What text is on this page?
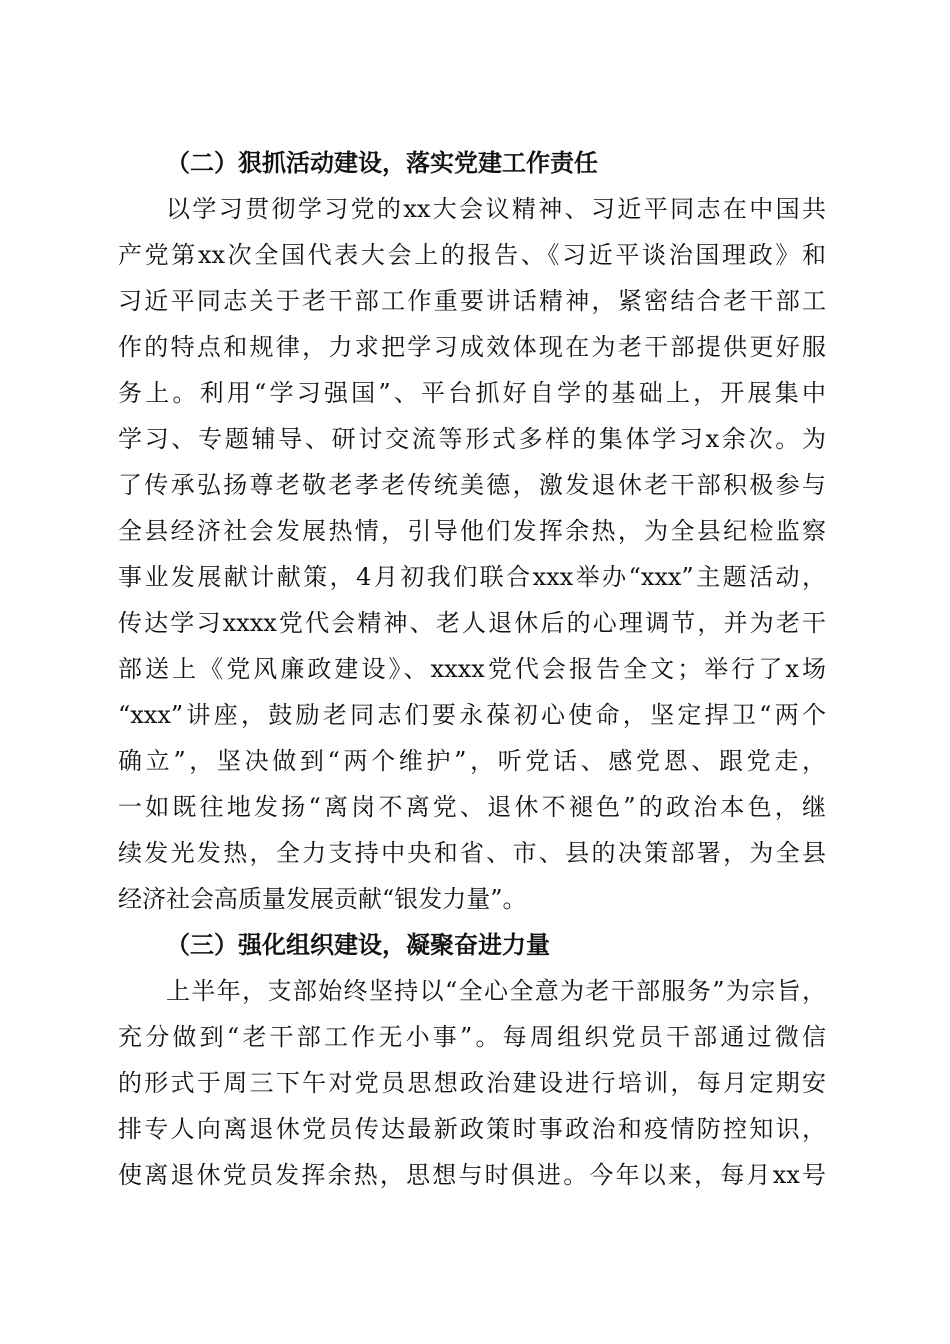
（二）狠抓活动建设，落实党建工作责任

以学习贯彻学习党的xx大会议精神、习近平同志在中国共
产党第xx次全国代表大会上的报告、《习近平谈治国理政》和
习近平同志关于老干部工作重要讲话精神，紧密结合老干部工
作的特点和规律，力求把学习成效体现在为老干部提供更好服
务上。利用“学习强国”、平台抓好自学的基础上，开展集中
学习、专题辅导、研讨交流等形式多样的集体学习x余次。为
了传承弘扬尊老敬老孝老传统美德，激发退休老干部积极参与
全县经济社会发展热情，引导他们发挥余热，为全县纪检监察
事业发展献计献策，4月初我们联合xxx举办“xxx”主题活动，
传达学习xxxx党代会精神、老人退休后的心理调节，并为老干
部送上《党风廉政建设》、xxxx党代会报告全文；举行了x场
“xxx”讲座，鼓励老同志们要永葆初心使命，坚定捍卫“两个
确立”，坚决做到“两个维护”，听党话、感党恩、跟党走，
一如既往地发扬“离岗不离党、退休不褪色”的政治本色，继
续发光发热，全力支持中央和省、市、县的决策部署，为全县
经济社会高质量发展贡献“银发力量”。

（三）强化组织建设，凝聚奋进力量

上半年，支部始终坚持以“全心全意为老干部服务”为宗旨，
充分做到“老干部工作无小事”。每周组织党员干部通过微信
的形式于周三下午对党员思想政治建设进行培训，每月定期安
排专人向离退休党员传达最新政策时事政治和疫情防控知识，
使离退休党员发挥余热，思想与时俱进。今年以来，每月xx号
